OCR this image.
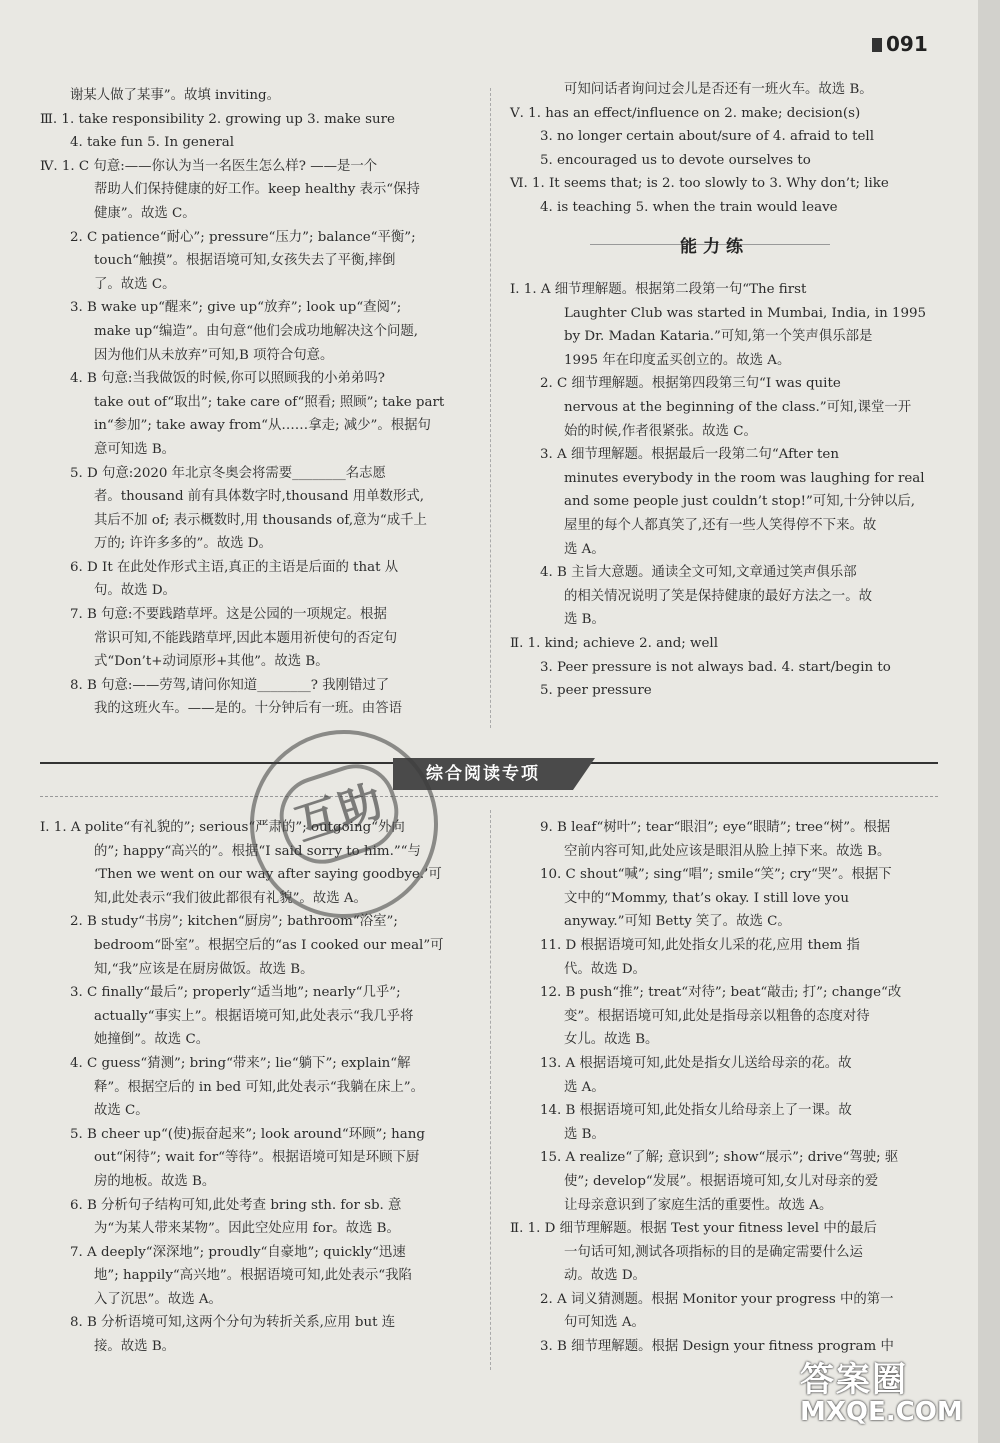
091

谢某人做了某事”。故填 inviting。

Ⅲ. 1. take responsibility 2. growing up 3. make sure

4. take fun 5. In general

Ⅳ. 1. C 句意:——你认为当一名医生怎么样? ——是一个

帮助人们保持健康的好工作。keep healthy 表示“保持

健康”。故选 C。

2. C patience“耐心”; pressure“压力”; balance“平衡”;

touch“触摸”。根据语境可知,女孩失去了平衡,摔倒

了。故选 C。

3. B wake up“醒来”; give up“放弃”; look up“查阅”;

make up“编造”。由句意“他们会成功地解决这个问题,

因为他们从未放弃”可知,B 项符合句意。

4. B 句意:当我做饭的时候,你可以照顾我的小弟弟吗?

take out of“取出”; take care of“照看; 照顾”; take part

in“参加”; take away from“从……拿走; 减少”。根据句

意可知选 B。

5. D 句意:2020 年北京冬奥会将需要________名志愿

者。thousand 前有具体数字时,thousand 用单数形式,

其后不加 of; 表示概数时,用 thousands of,意为“成千上

万的; 许许多多的”。故选 D。

6. D It 在此处作形式主语,真正的主语是后面的 that 从

句。故选 D。

7. B 句意:不要践踏草坪。这是公园的一项规定。根据

常识可知,不能践踏草坪,因此本题用祈使句的否定句

式“Don’t+动词原形+其他”。故选 B。

8. B 句意:——劳驾,请问你知道________? 我刚错过了

我的这班火车。——是的。十分钟后有一班。由答语

可知问话者询问过会儿是否还有一班火车。故选 B。

Ⅴ. 1. has an effect/influence on 2. make; decision(s)

3. no longer certain about/sure of 4. afraid to tell

5. encouraged us to devote ourselves to

Ⅵ. 1. It seems that; is 2. too slowly to 3. Why don’t; like

4. is teaching 5. when the train would leave

能力练

Ⅰ. 1. A 细节理解题。根据第二段第一句“The first

Laughter Club was started in Mumbai, India, in 1995

by Dr. Madan Kataria.”可知,第一个笑声俱乐部是

1995 年在印度孟买创立的。故选 A。

2. C 细节理解题。根据第四段第三句“I was quite

nervous at the beginning of the class.”可知,课堂一开

始的时候,作者很紧张。故选 C。

3. A 细节理解题。根据最后一段第二句“After ten

minutes everybody in the room was laughing for real

and some people just couldn’t stop!”可知,十分钟以后,

屋里的每个人都真笑了,还有一些人笑得停不下来。故

选 A。

4. B 主旨大意题。通读全文可知,文章通过笑声俱乐部

的相关情况说明了笑是保持健康的最好方法之一。故

选 B。

Ⅱ. 1. kind; achieve 2. and; well

3. Peer pressure is not always bad. 4. start/begin to

5. peer pressure

综合阅读专项

Ⅰ. 1. A polite“有礼貌的”; serious“严肃的”; outgoing“外向

的”; happy“高兴的”。根据“I said sorry to him.”“与

‘Then we went on our way after saying goodbye.’可

知,此处表示“我们彼此都很有礼貌”。故选 A。

2. B study“书房”; kitchen“厨房”; bathroom“浴室”;

bedroom“卧室”。根据空后的“as I cooked our meal”可

知,“我”应该是在厨房做饭。故选 B。

3. C finally“最后”; properly“适当地”; nearly“几乎”;

actually“事实上”。根据语境可知,此处表示“我几乎将

她撞倒”。故选 C。

4. C guess“猜测”; bring“带来”; lie“躺下”; explain“解

释”。根据空后的 in bed 可知,此处表示“我躺在床上”。

故选 C。

5. B cheer up“(使)振奋起来”; look around“环顾”; hang

out“闲待”; wait for“等待”。根据语境可知是环顾下厨

房的地板。故选 B。

6. B 分析句子结构可知,此处考查 bring sth. for sb. 意

为“为某人带来某物”。因此空处应用 for。故选 B。

7. A deeply“深深地”; proudly“自豪地”; quickly“迅速

地”; happily“高兴地”。根据语境可知,此处表示“我陷

入了沉思”。故选 A。

8. B 分析语境可知,这两个分句为转折关系,应用 but 连

接。故选 B。

9. B leaf“树叶”; tear“眼泪”; eye“眼睛”; tree“树”。根据

空前内容可知,此处应该是眼泪从脸上掉下来。故选 B。

10. C shout“喊”; sing“唱”; smile“笑”; cry“哭”。根据下

文中的“Mommy, that’s okay. I still love you

anyway.”可知 Betty 笑了。故选 C。

11. D 根据语境可知,此处指女儿采的花,应用 them 指

代。故选 D。

12. B push“推”; treat“对待”; beat“敲击; 打”; change“改

变”。根据语境可知,此处是指母亲以粗鲁的态度对待

女儿。故选 B。

13. A 根据语境可知,此处是指女儿送给母亲的花。故

选 A。

14. B 根据语境可知,此处指女儿给母亲上了一课。故

选 B。

15. A realize“了解; 意识到”; show“展示”; drive“驾驶; 驱

使”; develop“发展”。根据语境可知,女儿对母亲的爱

让母亲意识到了家庭生活的重要性。故选 A。

Ⅱ. 1. D 细节理解题。根据 Test your fitness level 中的最后

一句话可知,测试各项指标的目的是确定需要什么运

动。故选 D。

2. A 词义猜测题。根据 Monitor your progress 中的第一

句可知选 A。

3. B 细节理解题。根据 Design your fitness program 中

互助
答案圈
MXQE.COM
